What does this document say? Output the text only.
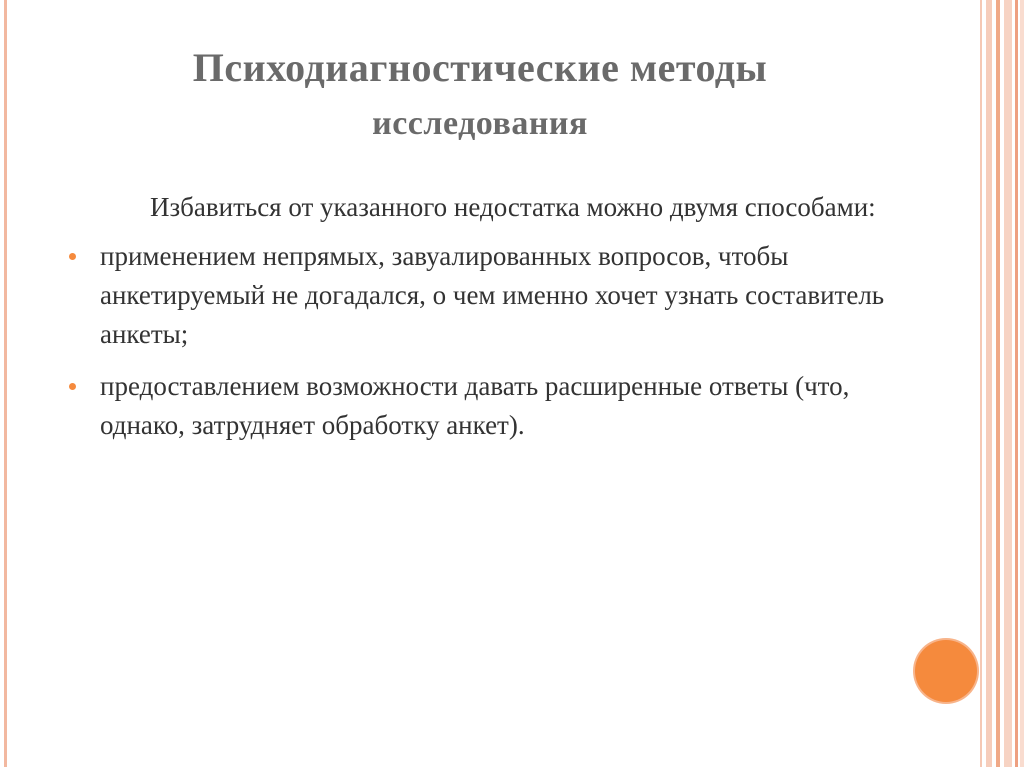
Психодиагностические методы
исследования

Избавиться от указанного недостатка можно двумя способами:

применением непрямых, завуалированных вопросов, чтобы анкетируемый не догадался, о чем именно хочет узнать составитель анкеты;
предоставлением возможности давать расширенные ответы (что, однако, затрудняет обработку анкет).
